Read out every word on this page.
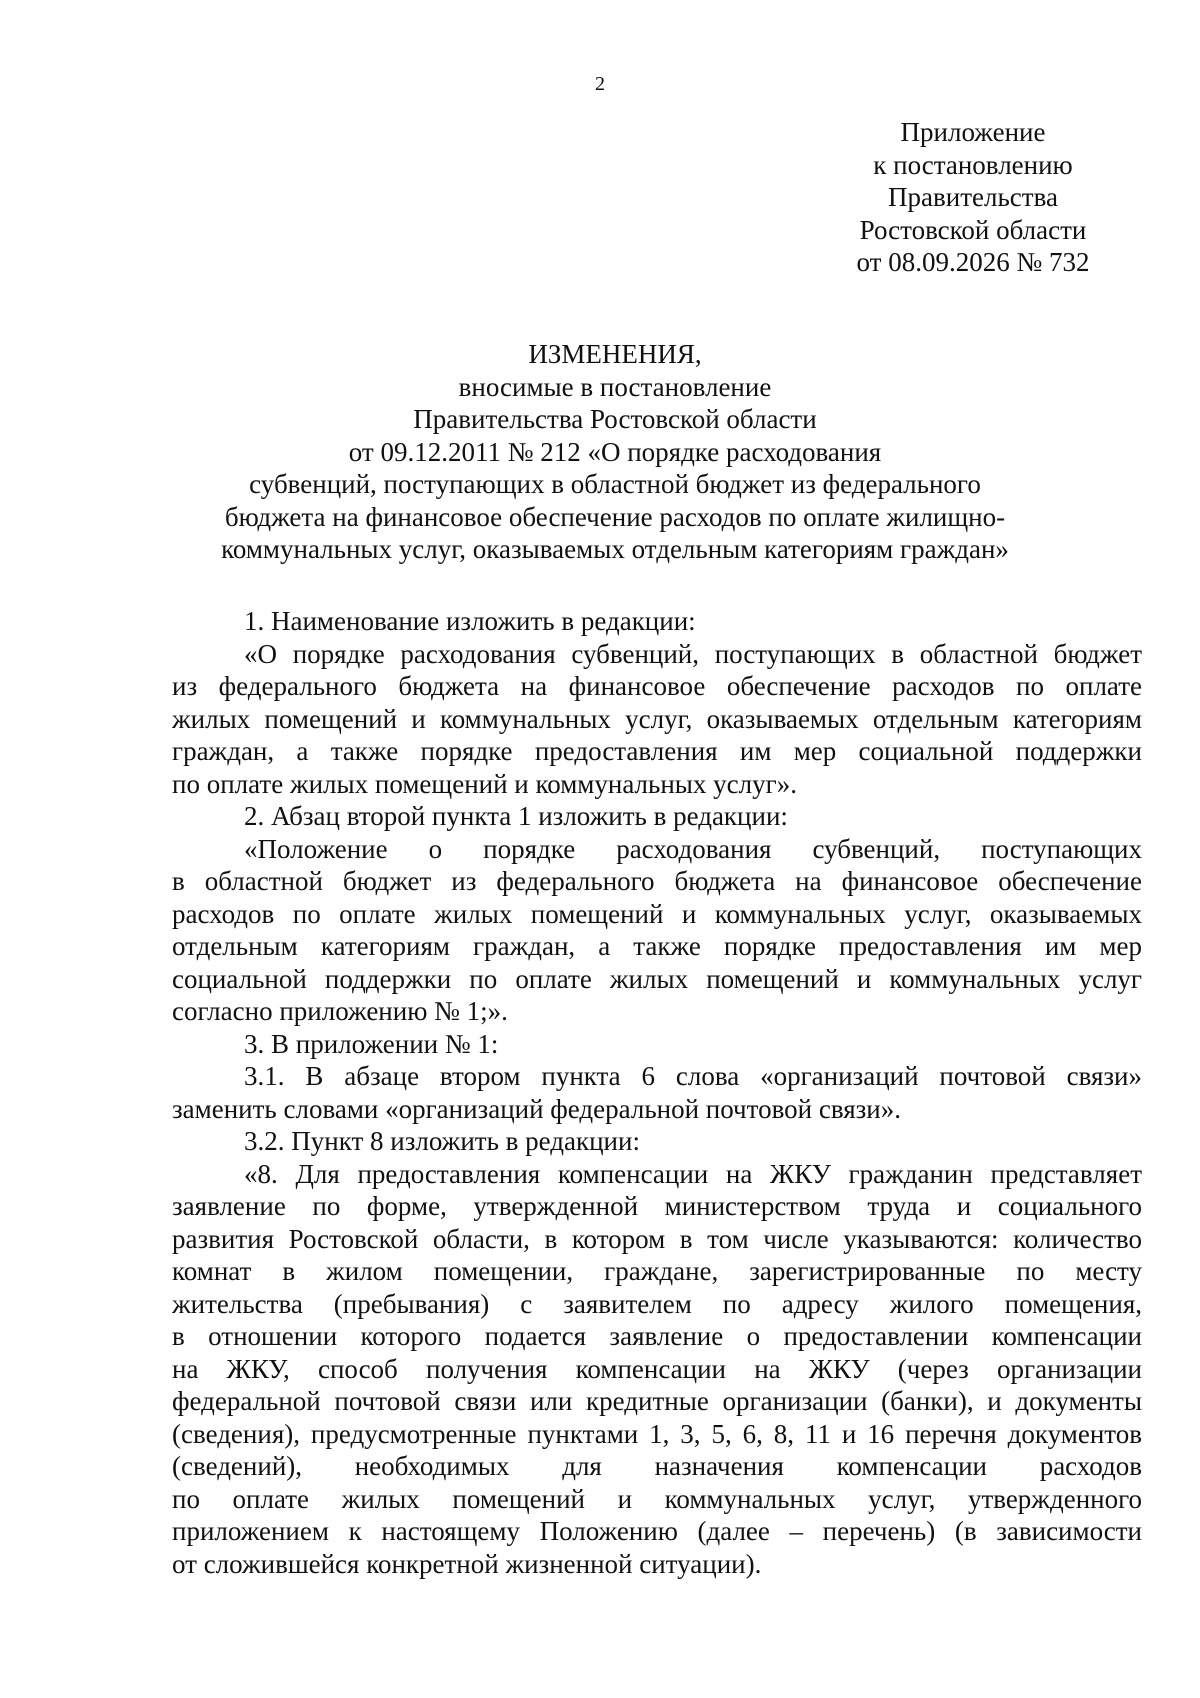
2
Приложение
к постановлению
Правительства
Ростовской области
от 08.09.2026 № 732
ИЗМЕНЕНИЯ,
вносимые в постановление
Правительства Ростовской области
от 09.12.2011 № 212 «О порядке расходования
субвенций, поступающих в областной бюджет из федерального
бюджета на финансовое обеспечение расходов по оплате жилищно-
коммунальных услуг, оказываемых отдельным категориям граждан»
1. Наименование изложить в редакции:
«О порядке расходования субвенций, поступающих в областной бюджет
из федерального бюджета на финансовое обеспечение расходов по оплате
жилых помещений и коммунальных услуг, оказываемых отдельным категориям
граждан, а также порядке предоставления им мер социальной поддержки
по оплате жилых помещений и коммунальных услуг».
2. Абзац второй пункта 1 изложить в редакции:
«Положение о порядке расходования субвенций, поступающих
в областной бюджет из федерального бюджета на финансовое обеспечение
расходов по оплате жилых помещений и коммунальных услуг, оказываемых
отдельным категориям граждан, а также порядке предоставления им мер
социальной поддержки по оплате жилых помещений и коммунальных услуг
согласно приложению № 1;».
3. В приложении № 1:
3.1. В абзаце втором пункта 6 слова «организаций почтовой связи»
заменить словами «организаций федеральной почтовой связи».
3.2. Пункт 8 изложить в редакции:
«8. Для предоставления компенсации на ЖКУ гражданин представляет
заявление по форме, утвержденной министерством труда и социального
развития Ростовской области, в котором в том числе указываются: количество
комнат в жилом помещении, граждане, зарегистрированные по месту
жительства (пребывания) с заявителем по адресу жилого помещения,
в отношении которого подается заявление о предоставлении компенсации
на ЖКУ, способ получения компенсации на ЖКУ (через организации
федеральной почтовой связи или кредитные организации (банки), и документы
(сведения), предусмотренные пунктами 1, 3, 5, 6, 8, 11 и 16 перечня документов
(сведений), необходимых для назначения компенсации расходов
по оплате жилых помещений и коммунальных услуг, утвержденного
приложением к настоящему Положению (далее – перечень) (в зависимости
от сложившейся конкретной жизненной ситуации).
